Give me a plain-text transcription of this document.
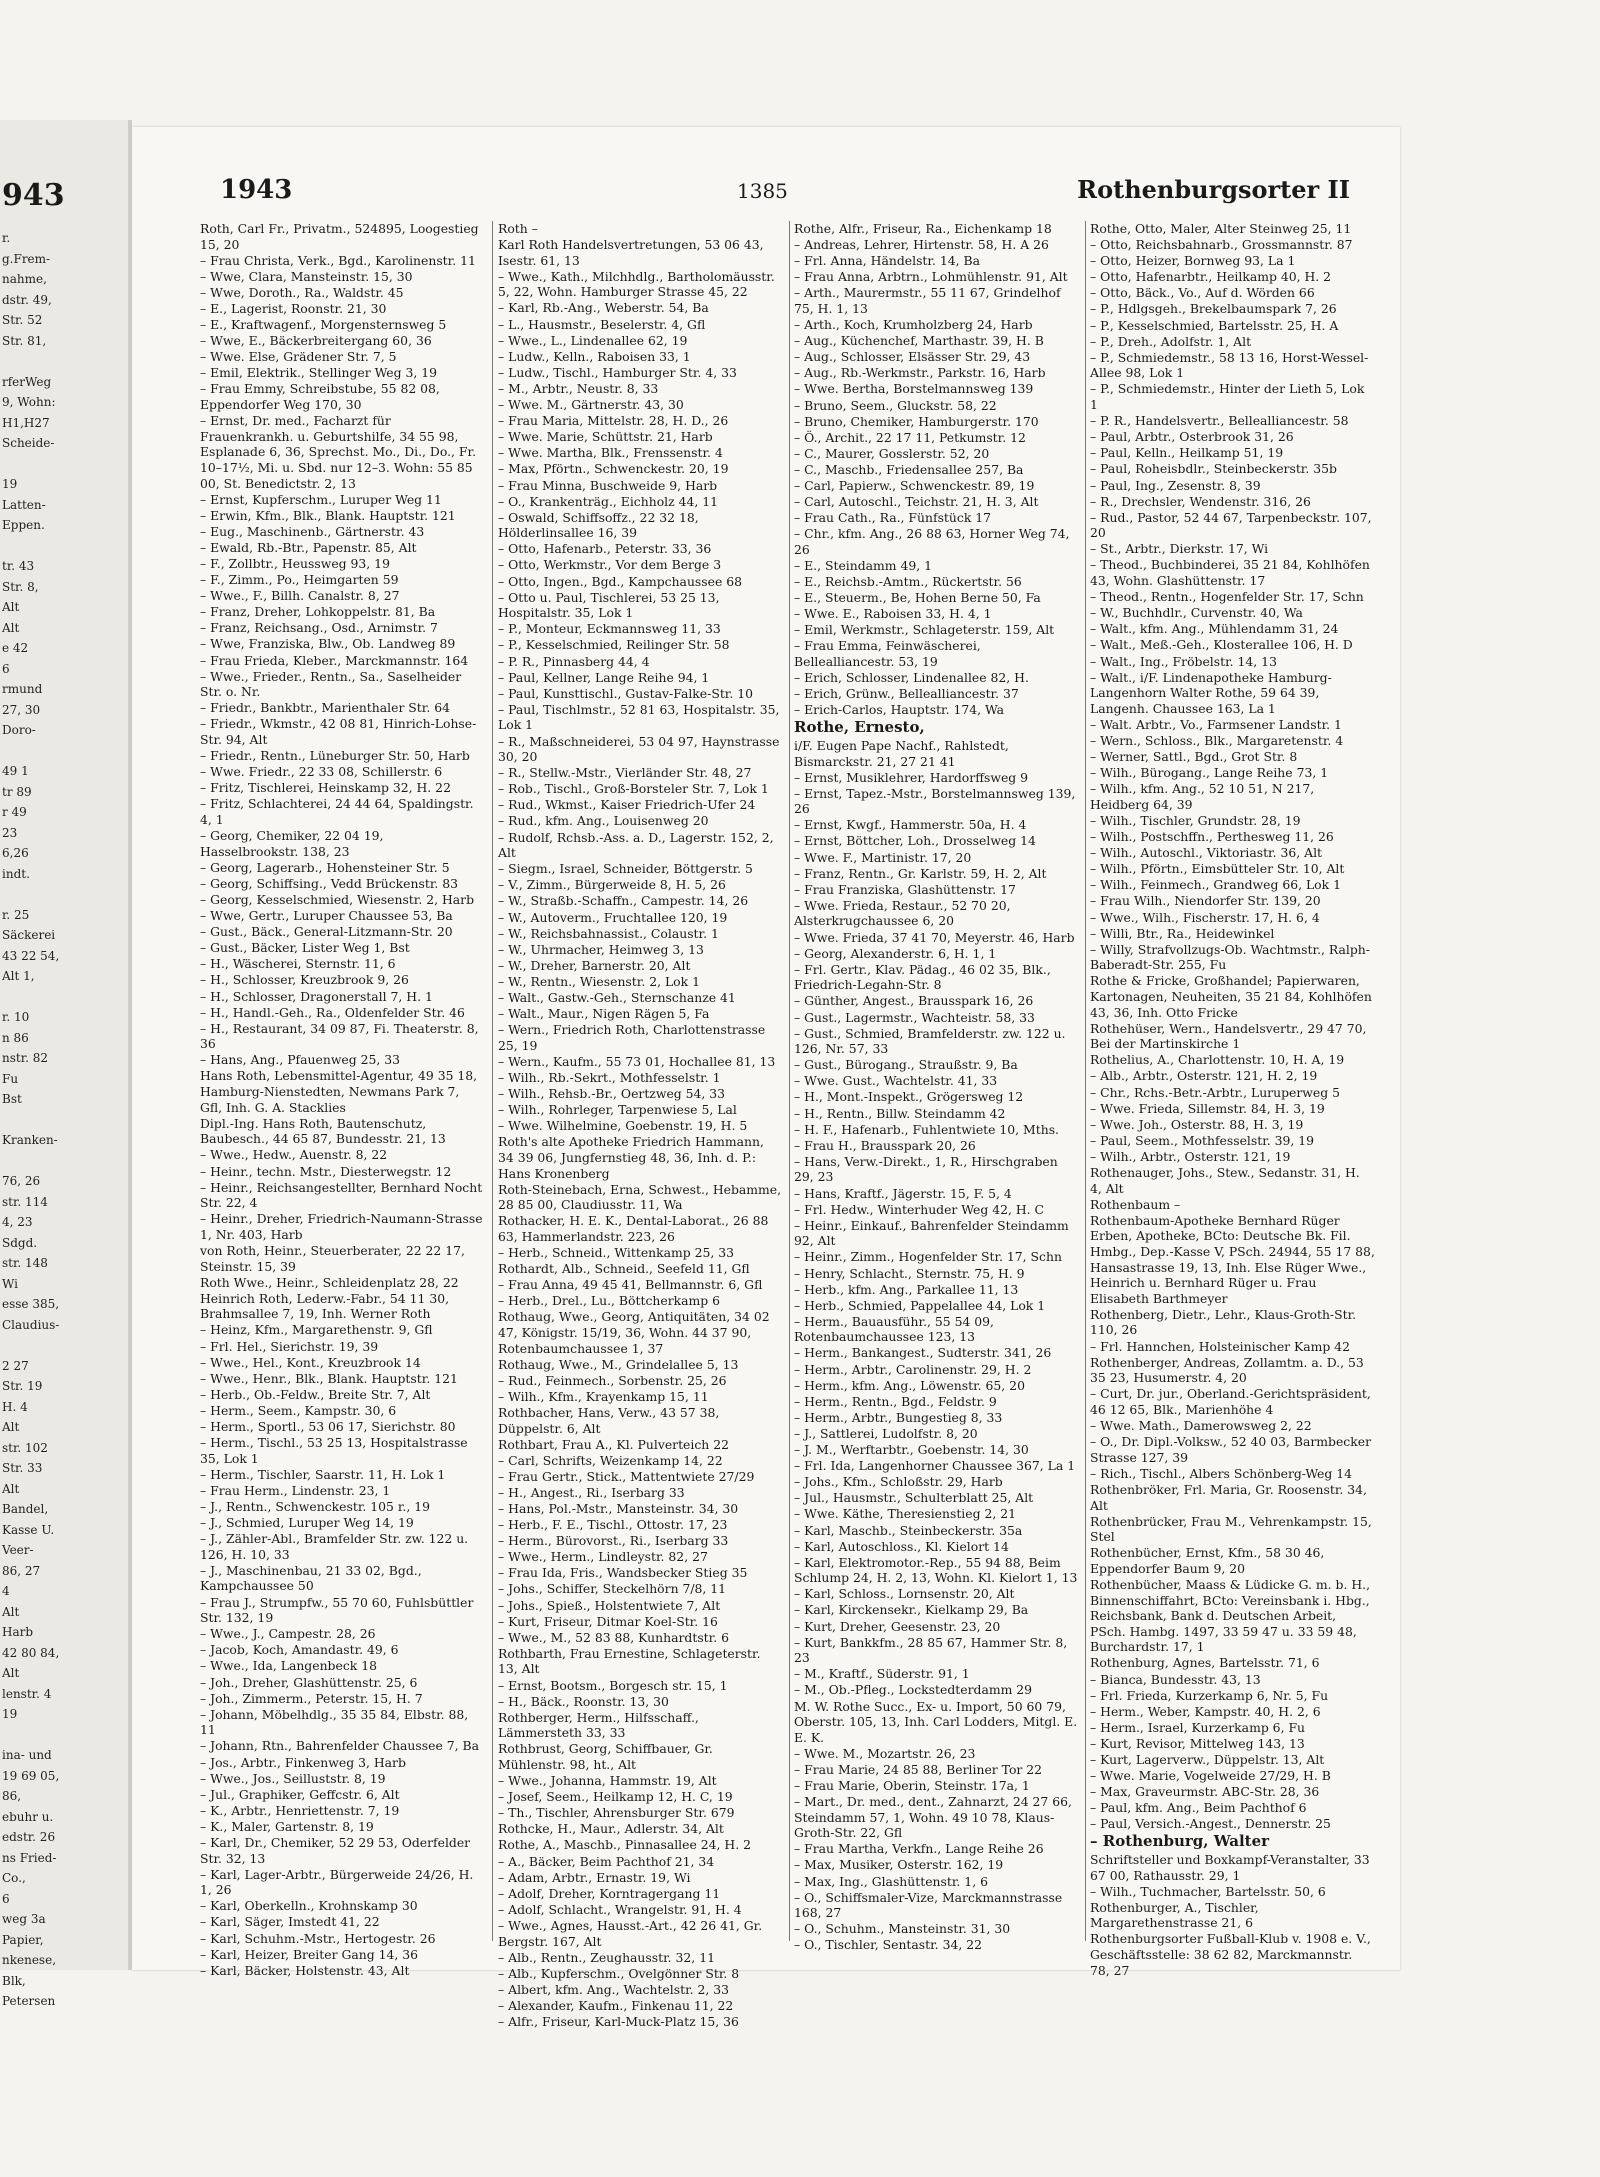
943
r.
g.Frem-
nahme,
dstr. 49,
Str. 52
Str. 81,

rferWeg
9, Wohn:
H1,H27
Scheide-

19
Latten-
Eppen.

tr. 43
Str. 8,
Alt
Alt
e 42
6
rmund
27, 30
Doro-

49 1
tr 89
r 49
23
6,26
indt.

r. 25
Säckerei
43 22 54,
Alt 1,

r. 10
n 86
nstr. 82
Fu
Bst

Kranken-

76, 26
str. 114
4, 23
Sdgd.
str. 148
Wi
esse 385,
Claudius-

2 27
Str. 19
H. 4
Alt
str. 102
Str. 33
Alt
Bandel,
Kasse U.
Veer-
86, 27
4
Alt
Harb
42 80 84,
Alt
lenstr. 4
19

ina- und
19 69 05,
86,
ebuhr u.
edstr. 26
ns Fried-
Co.,
6
weg 3a
Papier,
nkenese,
Blk,
Petersen
1943	1385	Rothenburgsorter II
Roth, Carl Fr., Privatm., 524895, Loogestieg 15, 20
– Frau Christa, Verk., Bgd., Karolinenstr. 11
– Wwe, Clara, Mansteinstr. 15, 30
– Wwe, Doroth., Ra., Waldstr. 45
– E., Lagerist, Roonstr. 21, 30
– E., Kraftwagenf., Morgensternsweg 5
– Wwe, E., Bäckerbreitergang 60, 36
– Wwe. Else, Grädener Str. 7, 5
– Emil, Elektrik., Stellinger Weg 3, 19
– Frau Emmy, Schreibstube, 55 82 08, Eppendorfer Weg 170, 30
– Ernst, Dr. med., Facharzt für Frauenkrankh. u. Geburtshilfe, 34 55 98, Esplanade 6, 36, Sprechst. Mo., Di., Do., Fr. 10–17½, Mi. u. Sbd. nur 12–3. Wohn: 55 85 00, St. Benedictstr. 2, 13
– Ernst, Kupferschm., Luruper Weg 11
– Erwin, Kfm., Blk., Blank. Hauptstr. 121
– Eug., Maschinenb., Gärtnerstr. 43
– Ewald, Rb.-Btr., Papenstr. 85, Alt
– F., Zollbtr., Heussweg 93, 19
– F., Zimm., Po., Heimgarten 59
– Wwe., F., Billh. Canalstr. 8, 27
– Franz, Dreher, Lohkoppelstr. 81, Ba
– Franz, Reichsang., Osd., Arnimstr. 7
– Wwe, Franziska, Blw., Ob. Landweg 89
– Frau Frieda, Kleber., Marckmannstr. 164
– Wwe., Frieder., Rentn., Sa., Saselheider Str. o. Nr.
– Friedr., Bankbtr., Marienthaler Str. 64
– Friedr., Wkmstr., 42 08 81, Hinrich-Lohse-Str. 94, Alt
– Friedr., Rentn., Lüneburger Str. 50, Harb
– Wwe. Friedr., 22 33 08, Schillerstr. 6
– Fritz, Tischlerei, Heinskamp 32, H. 22
– Fritz, Schlachterei, 24 44 64, Spaldingstr. 4, 1
– Georg, Chemiker, 22 04 19, Hasselbrookstr. 138, 23
– Georg, Lagerarb., Hohensteiner Str. 5
– Georg, Schiffsing., Vedd Brückenstr. 83
– Georg, Kesselschmied, Wiesenstr. 2, Harb
– Wwe, Gertr., Luruper Chaussee 53, Ba
– Gust., Bäck., General-Litzmann-Str. 20
– Gust., Bäcker, Lister Weg 1, Bst
– H., Wäscherei, Sternstr. 11, 6
– H., Schlosser, Kreuzbrook 9, 26
– H., Schlosser, Dragonerstall 7, H. 1
– H., Handl.-Geh., Ra., Oldenfelder Str. 46
– H., Restaurant, 34 09 87, Fi. Theaterstr. 8, 36
– Hans, Ang., Pfauenweg 25, 33
Hans Roth, Lebensmittel-Agentur, 49 35 18, Hamburg-Nienstedten, Newmans Park 7, Gfl, Inh. G. A. Stacklies
Dipl.-Ing. Hans Roth, Bautenschutz, Baubesch., 44 65 87, Bundesstr. 21, 13
– Wwe., Hedw., Auenstr. 8, 22
– Heinr., techn. Mstr., Diesterwegstr. 12
– Heinr., Reichsangestellter, Bernhard Nocht Str. 22, 4
– Heinr., Dreher, Friedrich-Naumann-Strasse 1, Nr. 403, Harb
von Roth, Heinr., Steuerberater, 22 22 17, Steinstr. 15, 39
Roth Wwe., Heinr., Schleidenplatz 28, 22
Heinrich Roth, Lederw.-Fabr., 54 11 30, Brahmsallee 7, 19, Inh. Werner Roth
– Heinz, Kfm., Margarethenstr. 9, Gfl
– Frl. Hel., Sierichstr. 19, 39
– Wwe., Hel., Kont., Kreuzbrook 14
– Wwe., Henr., Blk., Blank. Hauptstr. 121
– Herb., Ob.-Feldw., Breite Str. 7, Alt
– Herm., Seem., Kampstr. 30, 6
– Herm., Sportl., 53 06 17, Sierichstr. 80
– Herm., Tischl., 53 25 13, Hospitalstrasse 35, Lok 1
– Herm., Tischler, Saarstr. 11, H. Lok 1
– Frau Herm., Lindenstr. 23, 1
– J., Rentn., Schwenckestr. 105 r., 19
– J., Schmied, Luruper Weg 14, 19
– J., Zähler-Abl., Bramfelder Str. zw. 122 u. 126, H. 10, 33
– J., Maschinenbau, 21 33 02, Bgd., Kampchaussee 50
– Frau J., Strumpfw., 55 70 60, Fuhlsbüttler Str. 132, 19
– Wwe., J., Campestr. 28, 26
– Jacob, Koch, Amandastr. 49, 6
– Wwe., Ida, Langenbeck 18
– Joh., Dreher, Glashüttenstr. 25, 6
– Joh., Zimmerm., Peterstr. 15, H. 7
– Johann, Möbelhdlg., 35 35 84, Elbstr. 88, 11
– Johann, Rtn., Bahrenfelder Chaussee 7, Ba
– Jos., Arbtr., Finkenweg 3, Harb
– Wwe., Jos., Seilluststr. 8, 19
– Jul., Graphiker, Geffcstr. 6, Alt
– K., Arbtr., Henriettenstr. 7, 19
– K., Maler, Gartenstr. 8, 19
– Karl, Dr., Chemiker, 52 29 53, Oderfelder Str. 32, 13
– Karl, Lager-Arbtr., Bürgerweide 24/26, H. 1, 26
– Karl, Oberkelln., Krohnskamp 30
– Karl, Säger, Imstedt 41, 22
– Karl, Schuhm.-Mstr., Hertogestr. 26
– Karl, Heizer, Breiter Gang 14, 36
– Karl, Bäcker, Holstenstr. 43, Alt
Roth –
Karl Roth Handelsvertretungen, 53 06 43, Isestr. 61, 13
– Wwe., Kath., Milchhdlg., Bartholomäusstr. 5, 22, Wohn. Hamburger Strasse 45, 22
– Karl, Rb.-Ang., Weberstr. 54, Ba
– L., Hausmstr., Beselerstr. 4, Gfl
– Wwe., L., Lindenallee 62, 19
– Ludw., Kelln., Raboisen 33, 1
– Ludw., Tischl., Hamburger Str. 4, 33
– M., Arbtr., Neustr. 8, 33
– Wwe. M., Gärtnerstr. 43, 30
– Frau Maria, Mittelstr. 28, H. D., 26
– Wwe. Marie, Schüttstr. 21, Harb
– Wwe. Martha, Blk., Frenssenstr. 4
– Max, Pförtn., Schwenckestr. 20, 19
– Frau Minna, Buschweide 9, Harb
– O., Krankenträg., Eichholz 44, 11
– Oswald, Schiffsoffz., 22 32 18, Hölderlinsallee 16, 39
– Otto, Hafenarb., Peterstr. 33, 36
– Otto, Werkmstr., Vor dem Berge 3
– Otto, Ingen., Bgd., Kampchaussee 68
– Otto u. Paul, Tischlerei, 53 25 13, Hospitalstr. 35, Lok 1
– P., Monteur, Eckmannsweg 11, 33
– P., Kesselschmied, Reilinger Str. 58
– P. R., Pinnasberg 44, 4
– Paul, Kellner, Lange Reihe 94, 1
– Paul, Kunsttischl., Gustav-Falke-Str. 10
– Paul, Tischlmstr., 52 81 63, Hospitalstr. 35, Lok 1
– R., Maßschneiderei, 53 04 97, Haynstrasse 30, 20
– R., Stellw.-Mstr., Vierländer Str. 48, 27
– Rob., Tischl., Groß-Borsteler Str. 7, Lok 1
– Rud., Wkmst., Kaiser Friedrich-Ufer 24
– Rud., kfm. Ang., Louisenweg 20
– Rudolf, Rchsb.-Ass. a. D., Lagerstr. 152, 2, Alt
– Siegm., Israel, Schneider, Böttgerstr. 5
– V., Zimm., Bürgerweide 8, H. 5, 26
– W., Straßb.-Schaffn., Campestr. 14, 26
– W., Autoverm., Fruchtallee 120, 19
– W., Reichsbahnassist., Colaustr. 1
– W., Uhrmacher, Heimweg 3, 13
– W., Dreher, Barnerstr. 20, Alt
– W., Rentn., Wiesenstr. 2, Lok 1
– Walt., Gastw.-Geh., Sternschanze 41
– Walt., Maur., Nigen Rägen 5, Fa
– Wern., Friedrich Roth, Charlottenstrasse 25, 19
– Wern., Kaufm., 55 73 01, Hochallee 81, 13
– Wilh., Rb.-Sekrt., Mothfesselstr. 1
– Wilh., Rehsb.-Br., Oertzweg 54, 33
– Wilh., Rohrleger, Tarpenwiese 5, Lal
– Wwe. Wilhelmine, Goebenstr. 19, H. 5
Roth's alte Apotheke Friedrich Hammann, 34 39 06, Jungfernstieg 48, 36, Inh. d. P.: Hans Kronenberg
Roth-Steinebach, Erna, Schwest., Hebamme, 28 85 00, Claudiusstr. 11, Wa
Rothacker, H. E. K., Dental-Laborat., 26 88 63, Hammerlandstr. 223, 26
– Herb., Schneid., Wittenkamp 25, 33
Rothardt, Alb., Schneid., Seefeld 11, Gfl
– Frau Anna, 49 45 41, Bellmannstr. 6, Gfl
– Herb., Drel., Lu., Böttcherkamp 6
Rothaug, Wwe., Georg, Antiquitäten, 34 02 47, Königstr. 15/19, 36, Wohn. 44 37 90, Rotenbaumchaussee 1, 37
Rothaug, Wwe., M., Grindelallee 5, 13
– Rud., Feinmech., Sorbenstr. 25, 26
– Wilh., Kfm., Krayenkamp 15, 11
Rothbacher, Hans, Verw., 43 57 38, Düppelstr. 6, Alt
Rothbart, Frau A., Kl. Pulverteich 22
– Carl, Schrifts, Weizenkamp 14, 22
– Frau Gertr., Stick., Mattentwiete 27/29
– H., Angest., Ri., Iserbarg 33
– Hans, Pol.-Mstr., Mansteinstr. 34, 30
– Herb., F. E., Tischl., Ottostr. 17, 23
– Herm., Bürovorst., Ri., Iserbarg 33
– Wwe., Herm., Lindleystr. 82, 27
– Frau Ida, Fris., Wandsbecker Stieg 35
– Johs., Schiffer, Steckelhörn 7/8, 11
– Johs., Spieß., Holstentwiete 7, Alt
– Kurt, Friseur, Ditmar Koel-Str. 16
– Wwe., M., 52 83 88, Kunhardtstr. 6
Rothbarth, Frau Ernestine, Schlageterstr. 13, Alt
– Ernst, Bootsm., Borgesch str. 15, 1
– H., Bäck., Roonstr. 13, 30
Rothberger, Herm., Hilfsschaff., Lämmersteth 33, 33
Rothbrust, Georg, Schiffbauer, Gr. Mühlenstr. 98, ht., Alt
– Wwe., Johanna, Hammstr. 19, Alt
– Josef, Seem., Heilkamp 12, H. C, 19
– Th., Tischler, Ahrensburger Str. 679
Rothcke, H., Maur., Adlerstr. 34, Alt
Rothe, A., Maschb., Pinnasallee 24, H. 2
– A., Bäcker, Beim Pachthof 21, 34
– Adam, Arbtr., Ernastr. 19, Wi
– Adolf, Dreher, Korntragergang 11
– Adolf, Schlacht., Wrangelstr. 91, H. 4
– Wwe., Agnes, Hausst.-Art., 42 26 41, Gr. Bergstr. 167, Alt
– Alb., Rentn., Zeughausstr. 32, 11
– Alb., Kupferschm., Ovelgönner Str. 8
– Albert, kfm. Ang., Wachtelstr. 2, 33
– Alexander, Kaufm., Finkenau 11, 22
– Alfr., Friseur, Karl-Muck-Platz 15, 36
Rothe, Alfr., Friseur, Ra., Eichenkamp 18
– Andreas, Lehrer, Hirtenstr. 58, H. A 26
– Frl. Anna, Händelstr. 14, Ba
– Frau Anna, Arbtrn., Lohmühlenstr. 91, Alt
– Arth., Maurermstr., 55 11 67, Grindelhof 75, H. 1, 13
– Arth., Koch, Krumholzberg 24, Harb
– Aug., Küchenchef, Marthastr. 39, H. B
– Aug., Schlosser, Elsässer Str. 29, 43
– Aug., Rb.-Werkmstr., Parkstr. 16, Harb
– Wwe. Bertha, Borstelmannsweg 139
– Bruno, Seem., Gluckstr. 58, 22
– Bruno, Chemiker, Hamburgerstr. 170
– Ö., Archit., 22 17 11, Petkumstr. 12
– C., Maurer, Gosslerstr. 52, 20
– C., Maschb., Friedensallee 257, Ba
– Carl, Papierw., Schwenckestr. 89, 19
– Carl, Autoschl., Teichstr. 21, H. 3, Alt
– Frau Cath., Ra., Fünfstück 17
– Chr., kfm. Ang., 26 88 63, Horner Weg 74, 26
– E., Steindamm 49, 1
– E., Reichsb.-Amtm., Rückertstr. 56
– E., Steuerm., Be, Hohen Berne 50, Fa
– Wwe. E., Raboisen 33, H. 4, 1
– Emil, Werkmstr., Schlageterstr. 159, Alt
– Frau Emma, Feinwäscherei, Bellealliancestr. 53, 19
– Erich, Schlosser, Lindenallee 82, H.
– Erich, Grünw., Bellealliancestr. 37
– Erich-Carlos, Hauptstr. 174, Wa
Rothe, Ernesto,
i/F. Eugen Pape Nachf., Rahlstedt, Bismarckstr. 21, 27 21 41
– Ernst, Musiklehrer, Hardorffsweg 9
– Ernst, Tapez.-Mstr., Borstelmannsweg 139, 26
– Ernst, Kwgf., Hammerstr. 50a, H. 4
– Ernst, Böttcher, Loh., Drosselweg 14
– Wwe. F., Martinistr. 17, 20
– Franz, Rentn., Gr. Karlstr. 59, H. 2, Alt
– Frau Franziska, Glashüttenstr. 17
– Wwe. Frieda, Restaur., 52 70 20, Alsterkrugchaussee 6, 20
– Wwe. Frieda, 37 41 70, Meyerstr. 46, Harb
– Georg, Alexanderstr. 6, H. 1, 1
– Frl. Gertr., Klav. Pädag., 46 02 35, Blk., Friedrich-Legahn-Str. 8
– Günther, Angest., Brausspark 16, 26
– Gust., Lagermstr., Wachteistr. 58, 33
– Gust., Schmied, Bramfelderstr. zw. 122 u. 126, Nr. 57, 33
– Gust., Bürogang., Straußstr. 9, Ba
– Wwe. Gust., Wachtelstr. 41, 33
– H., Mont.-Inspekt., Grögersweg 12
– H., Rentn., Billw. Steindamm 42
– H. F., Hafenarb., Fuhlentwiete 10, Mths.
– Frau H., Brausspark 20, 26
– Hans, Verw.-Direkt., 1, R., Hirschgraben 29, 23
– Hans, Kraftf., Jägerstr. 15, F. 5, 4
– Frl. Hedw., Winterhuder Weg 42, H. C
– Heinr., Einkauf., Bahrenfelder Steindamm 92, Alt
– Heinr., Zimm., Hogenfelder Str. 17, Schn
– Henry, Schlacht., Sternstr. 75, H. 9
– Herb., kfm. Ang., Parkallee 11, 13
– Herb., Schmied, Pappelallee 44, Lok 1
– Herm., Bauausführ., 55 54 09, Rotenbaumchaussee 123, 13
– Herm., Bankangest., Sudterstr. 341, 26
– Herm., Arbtr., Carolinenstr. 29, H. 2
– Herm., kfm. Ang., Löwenstr. 65, 20
– Herm., Rentn., Bgd., Feldstr. 9
– Herm., Arbtr., Bungestieg 8, 33
– J., Sattlerei, Ludolfstr. 8, 20
– J. M., Werftarbtr., Goebenstr. 14, 30
– Frl. Ida, Langenhorner Chaussee 367, La 1
– Johs., Kfm., Schloßstr. 29, Harb
– Jul., Hausmstr., Schulterblatt 25, Alt
– Wwe. Käthe, Theresienstieg 2, 21
– Karl, Maschb., Steinbeckerstr. 35a
– Karl, Autoschloss., Kl. Kielort 14
– Karl, Elektromotor.-Rep., 55 94 88, Beim Schlump 24, H. 2, 13, Wohn. Kl. Kielort 1, 13
– Karl, Schloss., Lornsenstr. 20, Alt
– Karl, Kirckensekr., Kielkamp 29, Ba
– Kurt, Dreher, Geesenstr. 23, 20
– Kurt, Bankkfm., 28 85 67, Hammer Str. 8, 23
– M., Kraftf., Süderstr. 91, 1
– M., Ob.-Pfleg., Lockstedterdamm 29
M. W. Rothe Succ., Ex- u. Import, 50 60 79, Oberstr. 105, 13, Inh. Carl Lodders, Mitgl. E. E. K.
– Wwe. M., Mozartstr. 26, 23
– Frau Marie, 24 85 88, Berliner Tor 22
– Frau Marie, Oberin, Steinstr. 17a, 1
– Mart., Dr. med., dent., Zahnarzt, 24 27 66, Steindamm 57, 1, Wohn. 49 10 78, Klaus-Groth-Str. 22, Gfl
– Frau Martha, Verkfn., Lange Reihe 26
– Max, Musiker, Osterstr. 162, 19
– Max, Ing., Glashüttenstr. 1, 6
– O., Schiffsmaler-Vize, Marckmannstrasse 168, 27
– O., Schuhm., Mansteinstr. 31, 30
– O., Tischler, Sentastr. 34, 22
Rothe, Otto, Maler, Alter Steinweg 25, 11
– Otto, Reichsbahnarb., Grossmannstr. 87
– Otto, Heizer, Bornweg 93, La 1
– Otto, Hafenarbtr., Heilkamp 40, H. 2
– Otto, Bäck., Vo., Auf d. Wörden 66
– P., Hdlgsgeh., Brekelbaumspark 7, 26
– P., Kesselschmied, Bartelsstr. 25, H. A
– P., Dreh., Adolfstr. 1, Alt
– P., Schmiedemstr., 58 13 16, Horst-Wessel-Allee 98, Lok 1
– P., Schmiedemstr., Hinter der Lieth 5, Lok 1
– P. R., Handelsvertr., Bellealliancestr. 58
– Paul, Arbtr., Osterbrook 31, 26
– Paul, Kelln., Heilkamp 51, 19
– Paul, Roheisbdlr., Steinbeckerstr. 35b
– Paul, Ing., Zesenstr. 8, 39
– R., Drechsler, Wendenstr. 316, 26
– Rud., Pastor, 52 44 67, Tarpenbeckstr. 107, 20
– St., Arbtr., Dierkstr. 17, Wi
– Theod., Buchbinderei, 35 21 84, Kohlhöfen 43, Wohn. Glashüttenstr. 17
– Theod., Rentn., Hogenfelder Str. 17, Schn
– W., Buchhdlr., Curvenstr. 40, Wa
– Walt., kfm. Ang., Mühlendamm 31, 24
– Walt., Meß.-Geh., Klosterallee 106, H. D
– Walt., Ing., Fröbelstr. 14, 13
– Walt., i/F. Lindenapotheke Hamburg-Langenhorn Walter Rothe, 59 64 39, Langenh. Chaussee 163, La 1
– Walt. Arbtr., Vo., Farmsener Landstr. 1
– Wern., Schloss., Blk., Margaretenstr. 4
– Werner, Sattl., Bgd., Grot Str. 8
– Wilh., Bürogang., Lange Reihe 73, 1
– Wilh., kfm. Ang., 52 10 51, N 217, Heidberg 64, 39
– Wilh., Tischler, Grundstr. 28, 19
– Wilh., Postschffn., Perthesweg 11, 26
– Wilh., Autoschl., Viktoriastr. 36, Alt
– Wilh., Pförtn., Eimsbütteler Str. 10, Alt
– Wilh., Feinmech., Grandweg 66, Lok 1
– Frau Wilh., Niendorfer Str. 139, 20
– Wwe., Wilh., Fischerstr. 17, H. 6, 4
– Willi, Btr., Ra., Heidewinkel
– Willy, Strafvollzugs-Ob. Wachtmstr., Ralph-Baberadt-Str. 255, Fu
Rothe & Fricke, Großhandel; Papierwaren, Kartonagen, Neuheiten, 35 21 84, Kohlhöfen 43, 36, Inh. Otto Fricke
Rothehüser, Wern., Handelsvertr., 29 47 70, Bei der Martinskirche 1
Rothelius, A., Charlottenstr. 10, H. A, 19
– Alb., Arbtr., Osterstr. 121, H. 2, 19
– Chr., Rchs.-Betr.-Arbtr., Luruperweg 5
– Wwe. Frieda, Sillemstr. 84, H. 3, 19
– Wwe. Joh., Osterstr. 88, H. 3, 19
– Paul, Seem., Mothfesselstr. 39, 19
– Wilh., Arbtr., Osterstr. 121, 19
Rothenauger, Johs., Stew., Sedanstr. 31, H. 4, Alt
Rothenbaum –
Rothenbaum-Apotheke Bernhard Rüger Erben, Apotheke, BCto: Deutsche Bk. Fil. Hmbg., Dep.-Kasse V, PSch. 24944, 55 17 88, Hansastrasse 19, 13, Inh. Else Rüger Wwe., Heinrich u. Bernhard Rüger u. Frau Elisabeth Barthmeyer
Rothenberg, Dietr., Lehr., Klaus-Groth-Str. 110, 26
– Frl. Hannchen, Holsteinischer Kamp 42
Rothenberger, Andreas, Zollamtm. a. D., 53 35 23, Husumerstr. 4, 20
– Curt, Dr. jur., Oberland.-Gerichtspräsident, 46 12 65, Blk., Marienhöhe 4
– Wwe. Math., Damerowsweg 2, 22
– O., Dr. Dipl.-Volksw., 52 40 03, Barmbecker Strasse 127, 39
– Rich., Tischl., Albers Schönberg-Weg 14
Rothenbröker, Frl. Maria, Gr. Roosenstr. 34, Alt
Rothenbrücker, Frau M., Vehrenkampstr. 15, Stel
Rothenbücher, Ernst, Kfm., 58 30 46, Eppendorfer Baum 9, 20
Rothenbücher, Maass & Lüdicke G. m. b. H., Binnenschiffahrt, BCto: Vereinsbank i. Hbg., Reichsbank, Bank d. Deutschen Arbeit, PSch. Hambg. 1497, 33 59 47 u. 33 59 48, Burchardstr. 17, 1
Rothenburg, Agnes, Bartelsstr. 71, 6
– Bianca, Bundesstr. 43, 13
– Frl. Frieda, Kurzerkamp 6, Nr. 5, Fu
– Herm., Weber, Kampstr. 40, H. 2, 6
– Herm., Israel, Kurzerkamp 6, Fu
– Kurt, Revisor, Mittelweg 143, 13
– Kurt, Lagerverw., Düppelstr. 13, Alt
– Wwe. Marie, Vogelweide 27/29, H. B
– Max, Graveurmstr. ABC-Str. 28, 36
– Paul, kfm. Ang., Beim Pachthof 6
– Paul, Versich.-Angest., Dennerstr. 25
– Rothenburg, Walter
Schriftsteller und Boxkampf-Veranstalter, 33 67 00, Rathausstr. 29, 1
– Wilh., Tuchmacher, Bartelsstr. 50, 6
Rothenburger, A., Tischler, Margarethenstrasse 21, 6
Rothenburgsorter Fußball-Klub v. 1908 e. V., Geschäftsstelle: 38 62 82, Marckmannstr. 78, 27
